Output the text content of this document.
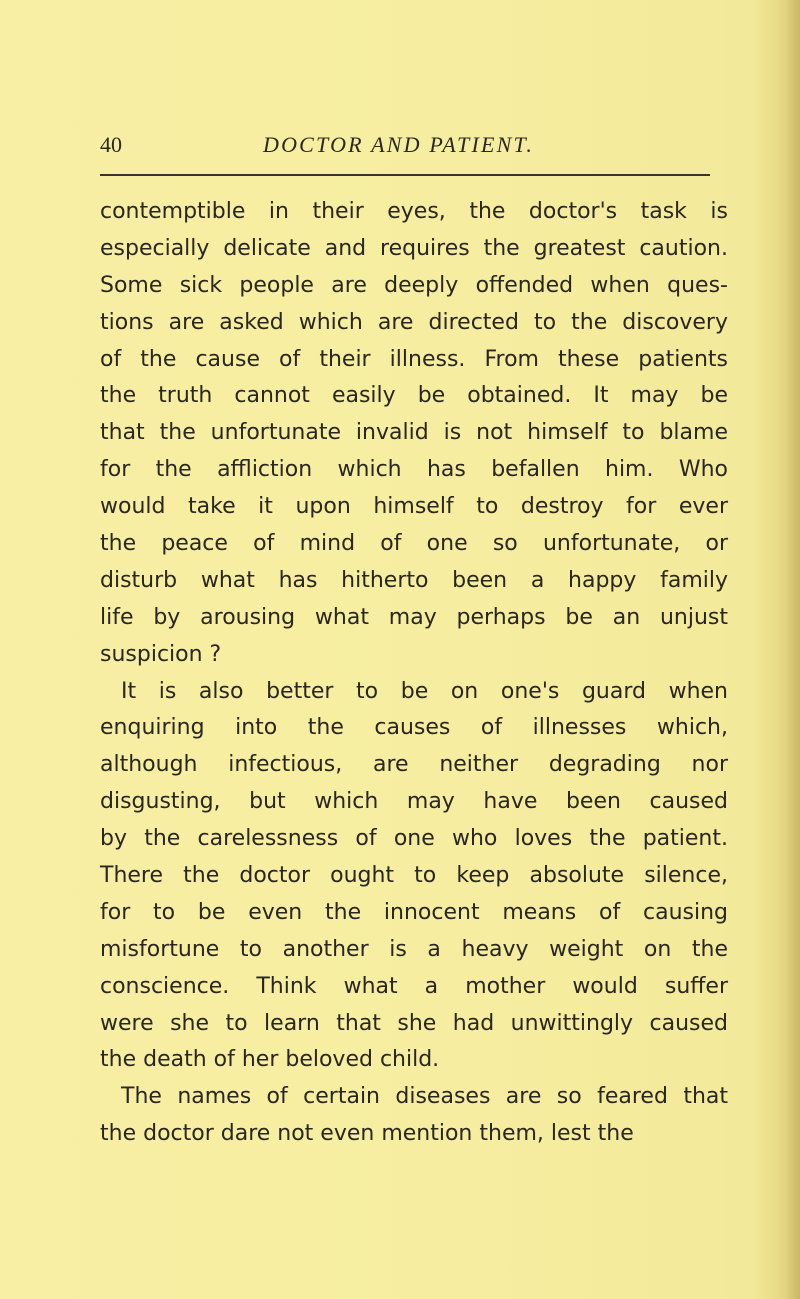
40	DOCTOR AND PATIENT.
contemptible in their eyes, the doctor's task is
especially delicate and requires the greatest caution.
Some sick people are deeply offended when ques-
tions are asked which are directed to the discovery
of the cause of their illness. From these patients
the truth cannot easily be obtained. It may be
that the unfortunate invalid is not himself to blame
for the affliction which has befallen him. Who
would take it upon himself to destroy for ever
the peace of mind of one so unfortunate, or
disturb what has hitherto been a happy family
life by arousing what may perhaps be an unjust
suspicion ?
It is also better to be on one's guard when
enquiring into the causes of illnesses which,
although infectious, are neither degrading nor
disgusting, but which may have been caused
by the carelessness of one who loves the patient.
There the doctor ought to keep absolute silence,
for to be even the innocent means of causing
misfortune to another is a heavy weight on the
conscience. Think what a mother would suffer
were she to learn that she had unwittingly caused
the death of her beloved child.
The names of certain diseases are so feared that
the doctor dare not even mention them, lest the
